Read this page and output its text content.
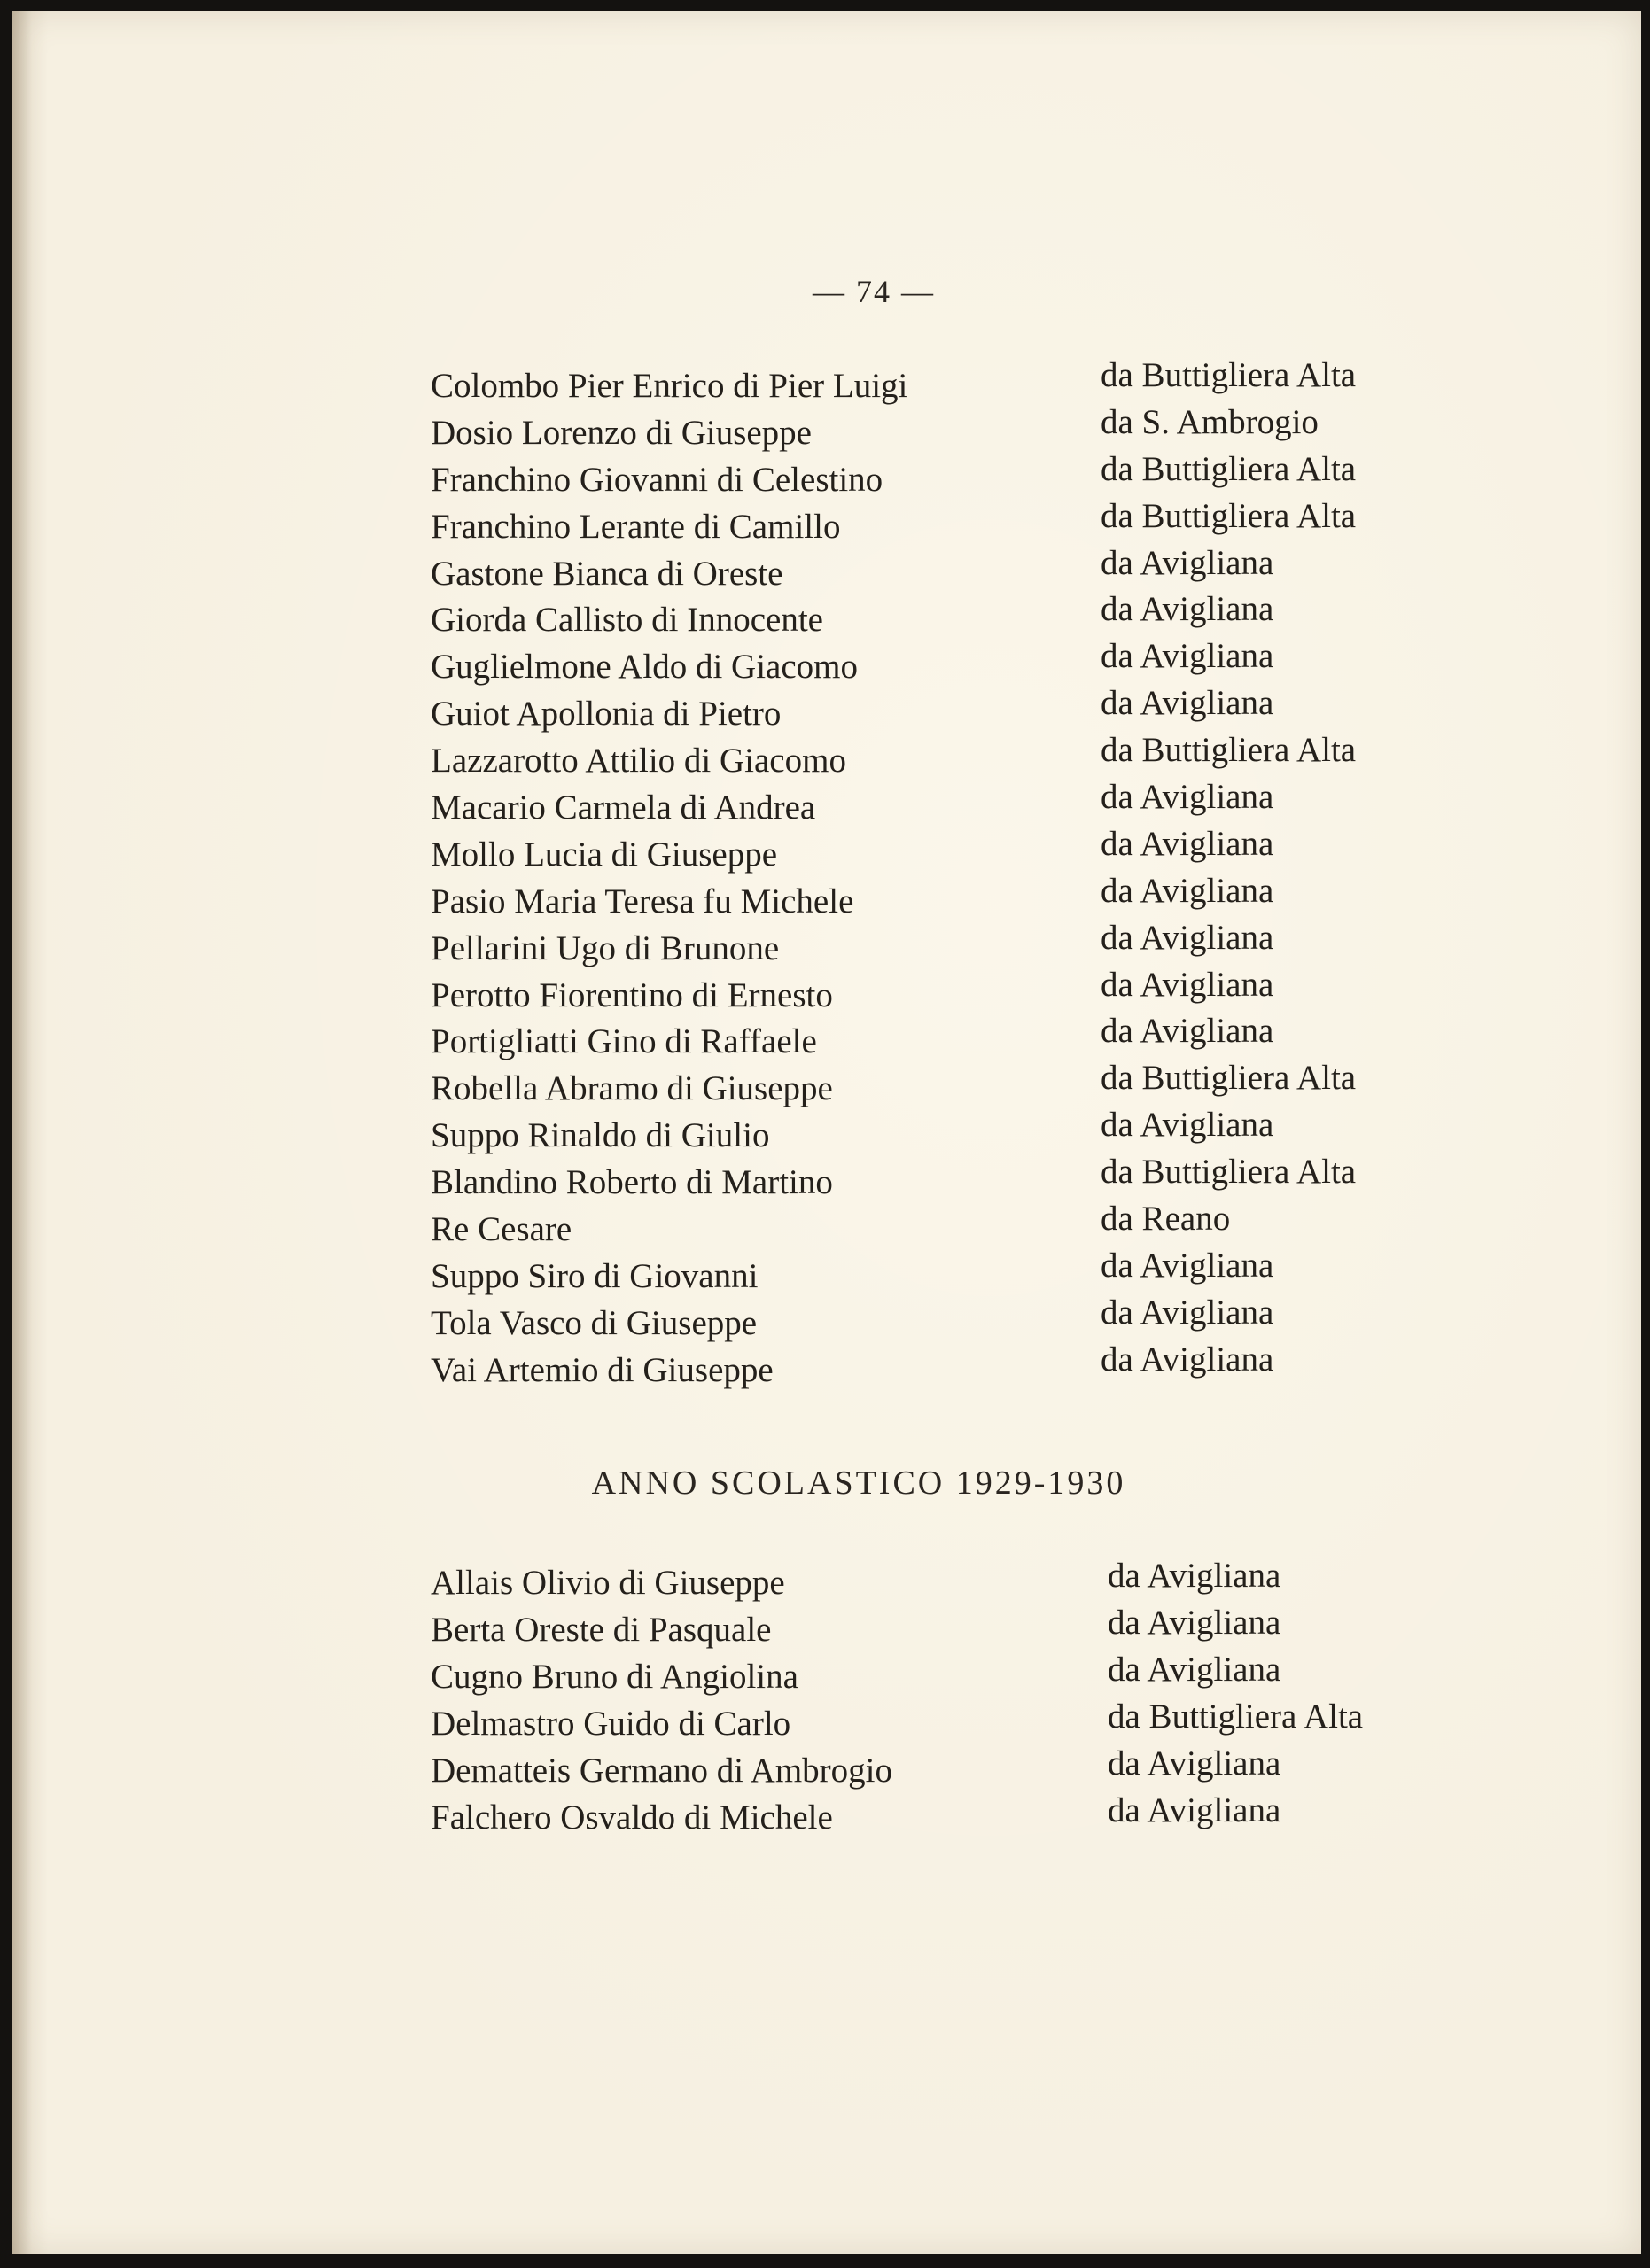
— 74 —
Colombo Pier Enrico di Pier Luigi	da Buttigliera Alta
Dosio Lorenzo di Giuseppe	da S. Ambrogio
Franchino Giovanni di Celestino	da Buttigliera Alta
Franchino Lerante di Camillo	da Buttigliera Alta
Gastone Bianca di Oreste	da Avigliana
Giorda Callisto di Innocente	da Avigliana
Guglielmone Aldo di Giacomo	da Avigliana
Guiot Apollonia di Pietro	da Avigliana
Lazzarotto Attilio di Giacomo	da Buttigliera Alta
Macario Carmela di Andrea	da Avigliana
Mollo Lucia di Giuseppe	da Avigliana
Pasio Maria Teresa fu Michele	da Avigliana
Pellarini Ugo di Brunone	da Avigliana
Perotto Fiorentino di Ernesto	da Avigliana
Portigliatti Gino di Raffaele	da Avigliana
Robella Abramo di Giuseppe	da Buttigliera Alta
Suppo Rinaldo di Giulio	da Avigliana
Blandino Roberto di Martino	da Buttigliera Alta
Re Cesare	da Reano
Suppo Siro di Giovanni	da Avigliana
Tola Vasco di Giuseppe	da Avigliana
Vai Artemio di Giuseppe	da Avigliana
ANNO SCOLASTICO 1929-1930
Allais Olivio di Giuseppe	da Avigliana
Berta Oreste di Pasquale	da Avigliana
Cugno Bruno di Angiolina	da Avigliana
Delmastro Guido di Carlo	da Buttigliera Alta
Dematteis Germano di Ambrogio	da Avigliana
Falchero Osvaldo di Michele	da Avigliana
